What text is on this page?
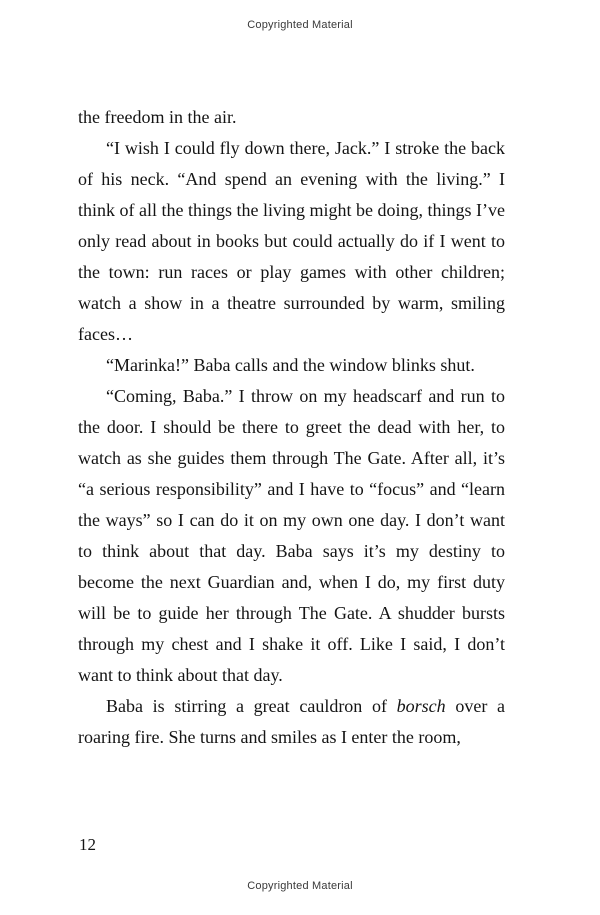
Copyrighted Material

the freedom in the air.

“I wish I could fly down there, Jack.” I stroke the back of his neck. “And spend an evening with the living.” I think of all the things the living might be doing, things I’ve only read about in books but could actually do if I went to the town: run races or play games with other children; watch a show in a theatre surrounded by warm, smiling faces…

“Marinka!” Baba calls and the window blinks shut.

“Coming, Baba.” I throw on my headscarf and run to the door. I should be there to greet the dead with her, to watch as she guides them through The Gate. After all, it’s “a serious responsibility” and I have to “focus” and “learn the ways” so I can do it on my own one day. I don’t want to think about that day. Baba says it’s my destiny to become the next Guardian and, when I do, my first duty will be to guide her through The Gate. A shudder bursts through my chest and I shake it off. Like I said, I don’t want to think about that day.

Baba is stirring a great cauldron of borsch over a roaring fire. She turns and smiles as I enter the room,

12
Copyrighted Material
